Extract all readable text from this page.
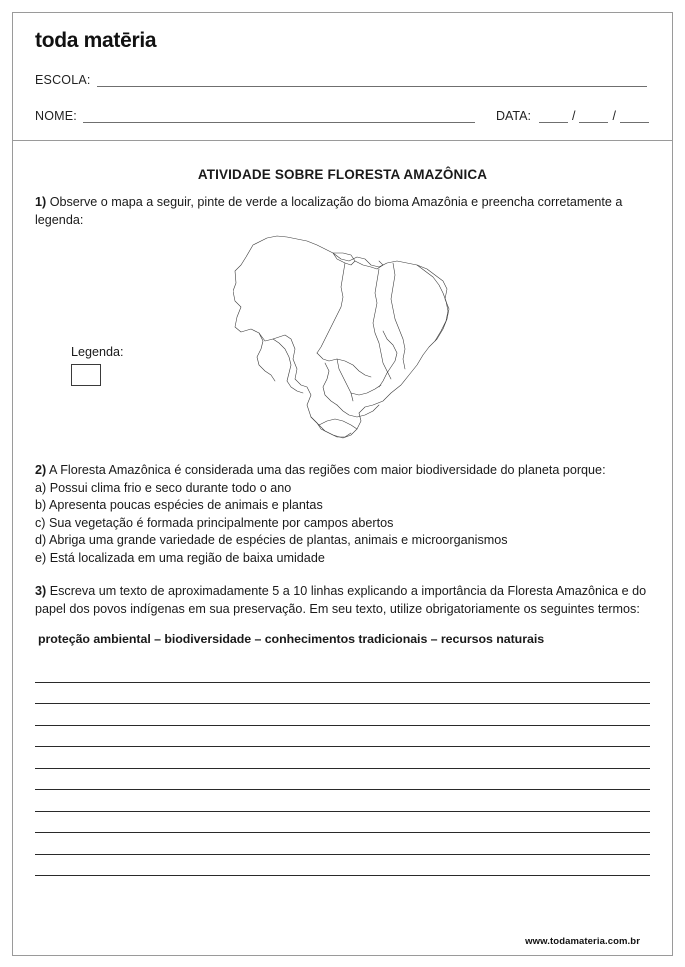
toda matēria
ESCOLA:
NOME:	DATA:	/	/
ATIVIDADE SOBRE FLORESTA AMAZÔNICA
1) Observe o mapa a seguir, pinte de verde a localização do bioma Amazônia e preencha corretamente a legenda:
Legenda:
2) A Floresta Amazônica é considerada uma das regiões com maior biodiversidade do planeta porque:
a) Possui clima frio e seco durante todo o ano
b) Apresenta poucas espécies de animais e plantas
c) Sua vegetação é formada principalmente por campos abertos
d) Abriga uma grande variedade de espécies de plantas, animais e microorganismos
e) Está localizada em uma região de baixa umidade
3) Escreva um texto de aproximadamente 5 a 10 linhas explicando a importância da Floresta Amazônica e do papel dos povos indígenas em sua preservação. Em seu texto, utilize obrigatoriamente os seguintes termos:
proteção ambiental – biodiversidade – conhecimentos tradicionais – recursos naturais
www.todamateria.com.br
